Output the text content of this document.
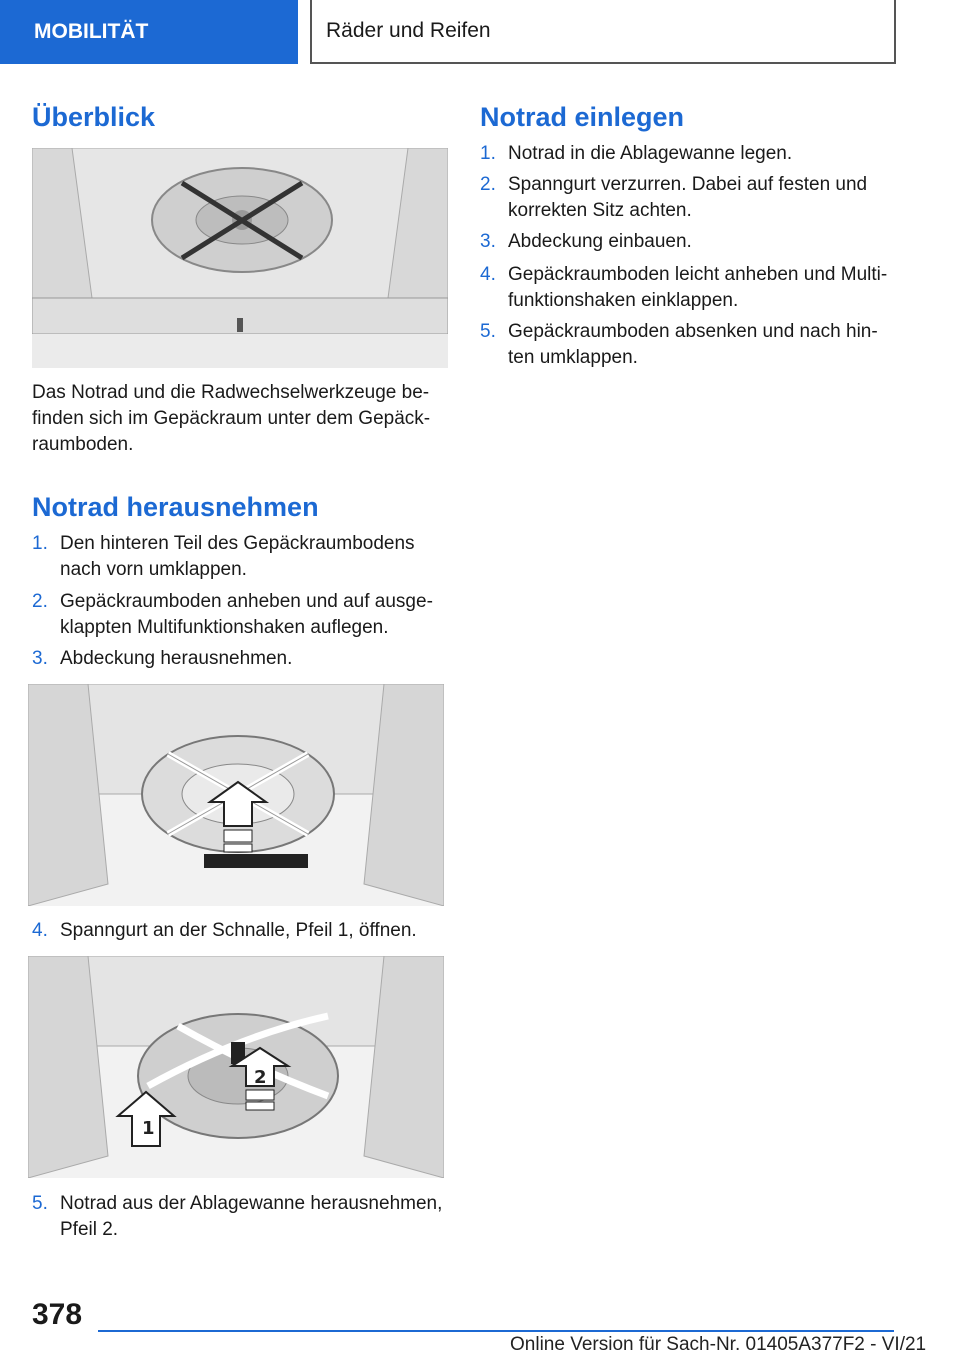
MOBILITÄT	Räder und Reifen
Überblick

Das Notrad und die Radwechselwerkzeuge be-
finden sich im Gepäckraum unter dem Gepäck-
raumboden.

Notrad herausnehmen
1. Den hinteren Teil des Gepäckraumbodens
nach vorn umklappen.
2. Gepäckraumboden anheben und auf ausge-
klappten Multifunktionshaken auflegen.
3. Abdeckung herausnehmen.
4. Spanngurt an der Schnalle, Pfeil 1, öffnen.
1
2
5. Notrad aus der Ablagewanne herausnehmen,
Pfeil 2.
Notrad einlegen
1. Notrad in die Ablagewanne legen.
2. Spanngurt verzurren. Dabei auf festen und
korrekten Sitz achten.
3. Abdeckung einbauen.
4. Gepäckraumboden leicht anheben und Multi-
funktionshaken einklappen.
5. Gepäckraumboden absenken und nach hin-
ten umklappen.
378
Online Version für Sach-Nr. 01405A377F2 - VI/21
